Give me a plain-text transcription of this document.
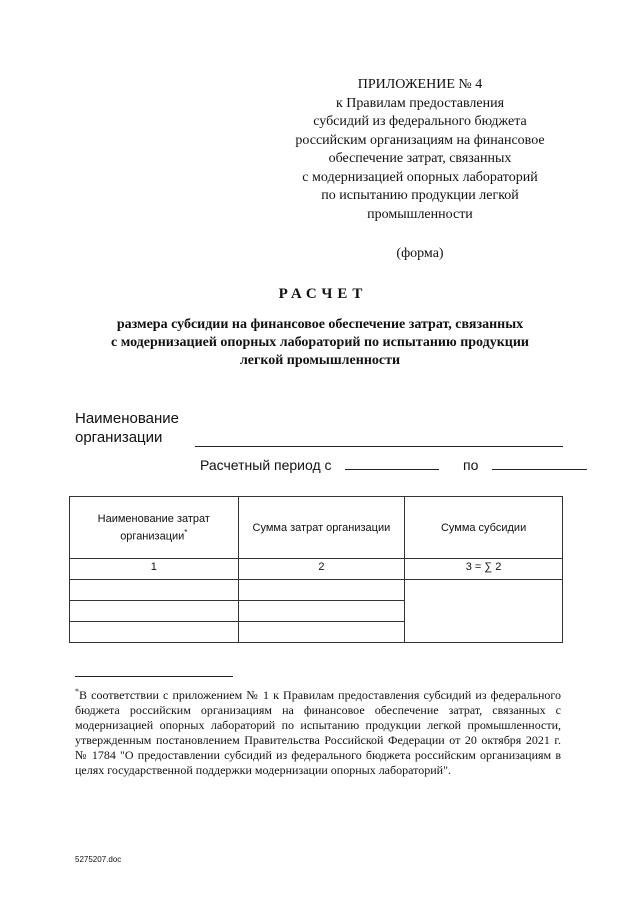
ПРИЛОЖЕНИЕ № 4
к Правилам предоставления
субсидий из федерального бюджета
российским организациям на финансовое
обеспечение затрат, связанных
с модернизацией опорных лабораторий
по испытанию продукции легкой
промышленности
(форма)
РАСЧЕТ
размера субсидии на финансовое обеспечение затрат, связанных
с модернизацией опорных лабораторий по испытанию продукции
легкой промышленности
Наименование
организации
Расчетный период с	по
Наименование затрат организации*	Сумма затрат организации	Сумма субсидии
1	2	3 = ∑ 2

*В соответствии с приложением № 1 к Правилам предоставления субсидий из федерального бюджета российским организациям на финансовое обеспечение затрат, связанных с модернизацией опорных лабораторий по испытанию продукции легкой промышленности, утвержденным постановлением Правительства Российской Федерации от 20 октября 2021 г. № 1784 "О предоставлении субсидий из федерального бюджета российским организациям в целях государственной поддержки модернизации опорных лабораторий".
5275207.doc
